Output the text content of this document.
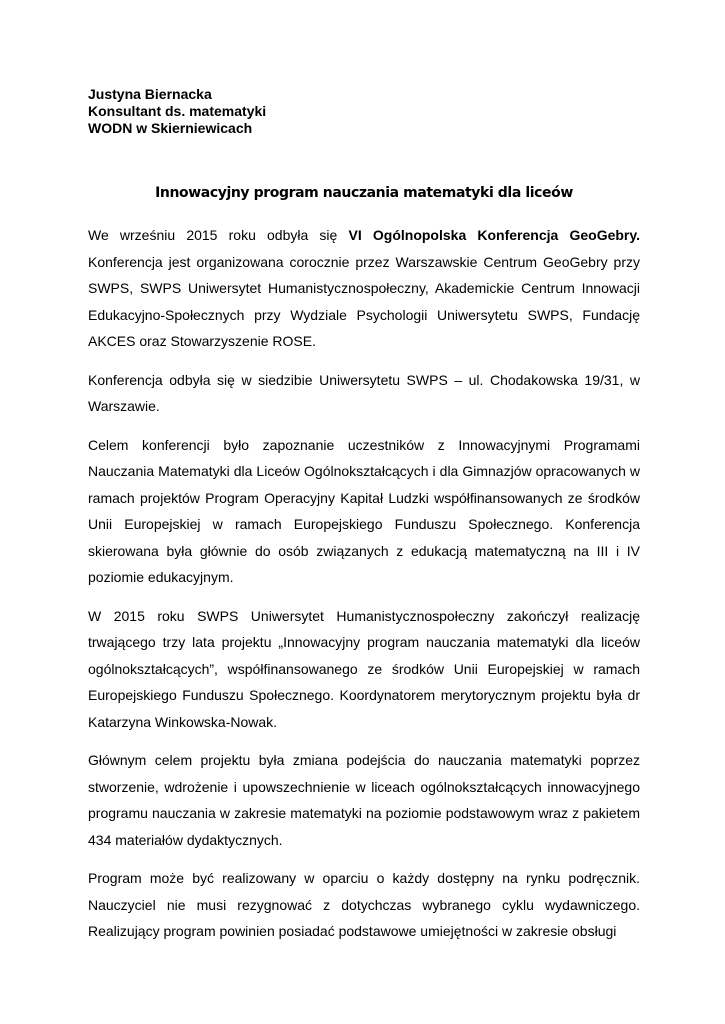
Justyna Biernacka
Konsultant ds. matematyki
WODN w Skierniewicach
Innowacyjny program nauczania matematyki dla liceów

We wrześniu 2015 roku odbyła się VI Ogólnopolska Konferencja GeoGebry. Konferencja jest organizowana corocznie przez Warszawskie Centrum GeoGebry przy SWPS, SWPS Uniwersytet Humanistycznospołeczny, Akademickie Centrum Innowacji Edukacyjno-Społecznych przy Wydziale Psychologii Uniwersytetu SWPS, Fundację AKCES oraz Stowarzyszenie ROSE.

Konferencja odbyła się w siedzibie Uniwersytetu SWPS – ul. Chodakowska 19/31, w Warszawie.

Celem konferencji było zapoznanie uczestników z Innowacyjnymi Programami Nauczania Matematyki dla Liceów Ogólnokształcących i dla Gimnazjów opracowanych w ramach projektów Program Operacyjny Kapitał Ludzki współfinansowanych ze środków Unii Europejskiej w ramach Europejskiego Funduszu Społecznego. Konferencja skierowana była głównie do osób związanych z edukacją matematyczną na III i IV poziomie edukacyjnym.

W 2015 roku SWPS Uniwersytet Humanistycznospołeczny zakończył realizację trwającego trzy lata projektu „Innowacyjny program nauczania matematyki dla liceów ogólnokształcących”, współfinansowanego ze środków Unii Europejskiej w ramach Europejskiego Funduszu Społecznego. Koordynatorem merytorycznym projektu była dr Katarzyna Winkowska-Nowak.

Głównym celem projektu była zmiana podejścia do nauczania matematyki poprzez stworzenie, wdrożenie i upowszechnienie w liceach ogólnokształcących innowacyjnego programu nauczania w zakresie matematyki na poziomie podstawowym wraz z pakietem 434 materiałów dydaktycznych.

Program może być realizowany w oparciu o każdy dostępny na rynku podręcznik. Nauczyciel nie musi rezygnować z dotychczas wybranego cyklu wydawniczego. Realizujący program powinien posiadać podstawowe umiejętności w zakresie obsługi
